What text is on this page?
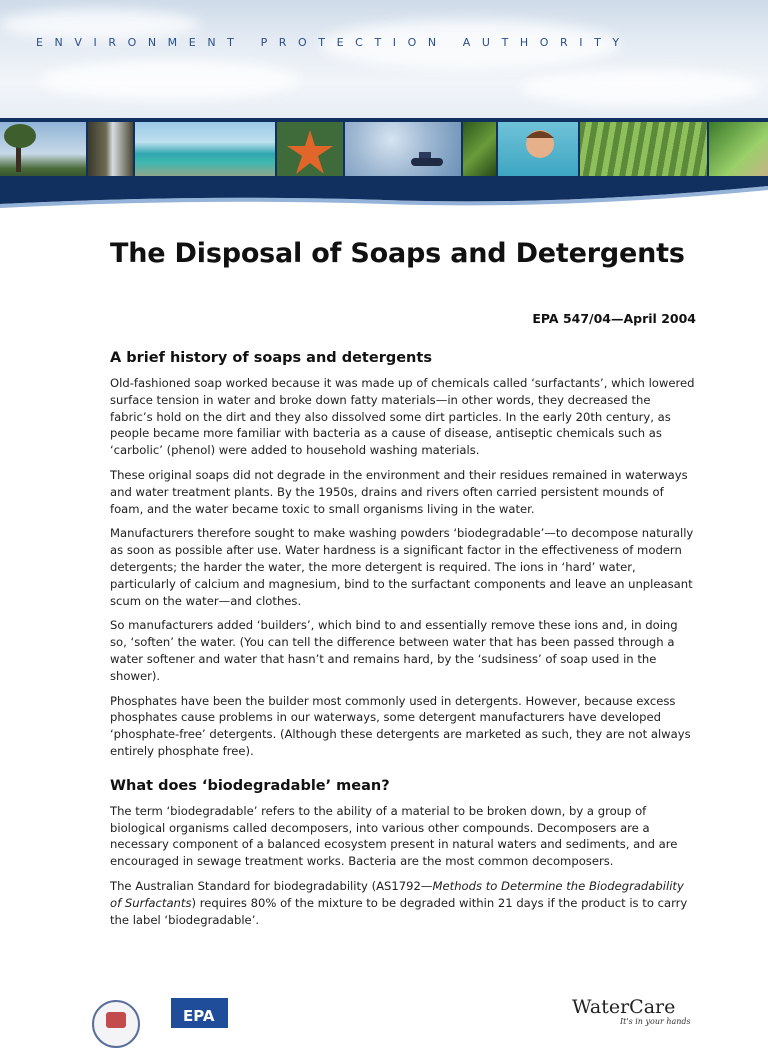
ENVIRONMENT PROTECTION AUTHORITY
The Disposal of Soaps and Detergents
EPA 547/04—April 2004
A brief history of soaps and detergents

Old-fashioned soap worked because it was made up of chemicals called ‘surfactants’, which lowered surface tension in water and broke down fatty materials—in other words, they decreased the fabric’s hold on the dirt and they also dissolved some dirt particles. In the early 20th century, as people became more familiar with bacteria as a cause of disease, antiseptic chemicals such as ‘carbolic’ (phenol) were added to household washing materials.

These original soaps did not degrade in the environment and their residues remained in waterways and water treatment plants. By the 1950s, drains and rivers often carried persistent mounds of foam, and the water became toxic to small organisms living in the water.

Manufacturers therefore sought to make washing powders ‘biodegradable’—to decompose naturally as soon as possible after use. Water hardness is a significant factor in the effectiveness of modern detergents; the harder the water, the more detergent is required. The ions in ‘hard’ water, particularly of calcium and magnesium, bind to the surfactant components and leave an unpleasant scum on the water—and clothes.

So manufacturers added ‘builders’, which bind to and essentially remove these ions and, in doing so, ‘soften’ the water. (You can tell the difference between water that has been passed through a water softener and water that hasn’t and remains hard, by the ‘sudsiness’ of soap used in the shower).

Phosphates have been the builder most commonly used in detergents. However, because excess phosphates cause problems in our waterways, some detergent manufacturers have developed ‘phosphate-free’ detergents. (Although these detergents are marketed as such, they are not always entirely phosphate free).

What does ‘biodegradable’ mean?

The term ‘biodegradable’ refers to the ability of a material to be broken down, by a group of biological organisms called decomposers, into various other compounds. Decomposers are a necessary component of a balanced ecosystem present in natural waters and sediments, and are encouraged in sewage treatment works. Bacteria are the most common decomposers.

The Australian Standard for biodegradability (AS1792—Methods to Determine the Biodegradability of Surfactants) requires 80% of the mixture to be degraded within 21 days if the product is to carry the label ‘biodegradable’.

EPA	WaterCare
It's in your hands
